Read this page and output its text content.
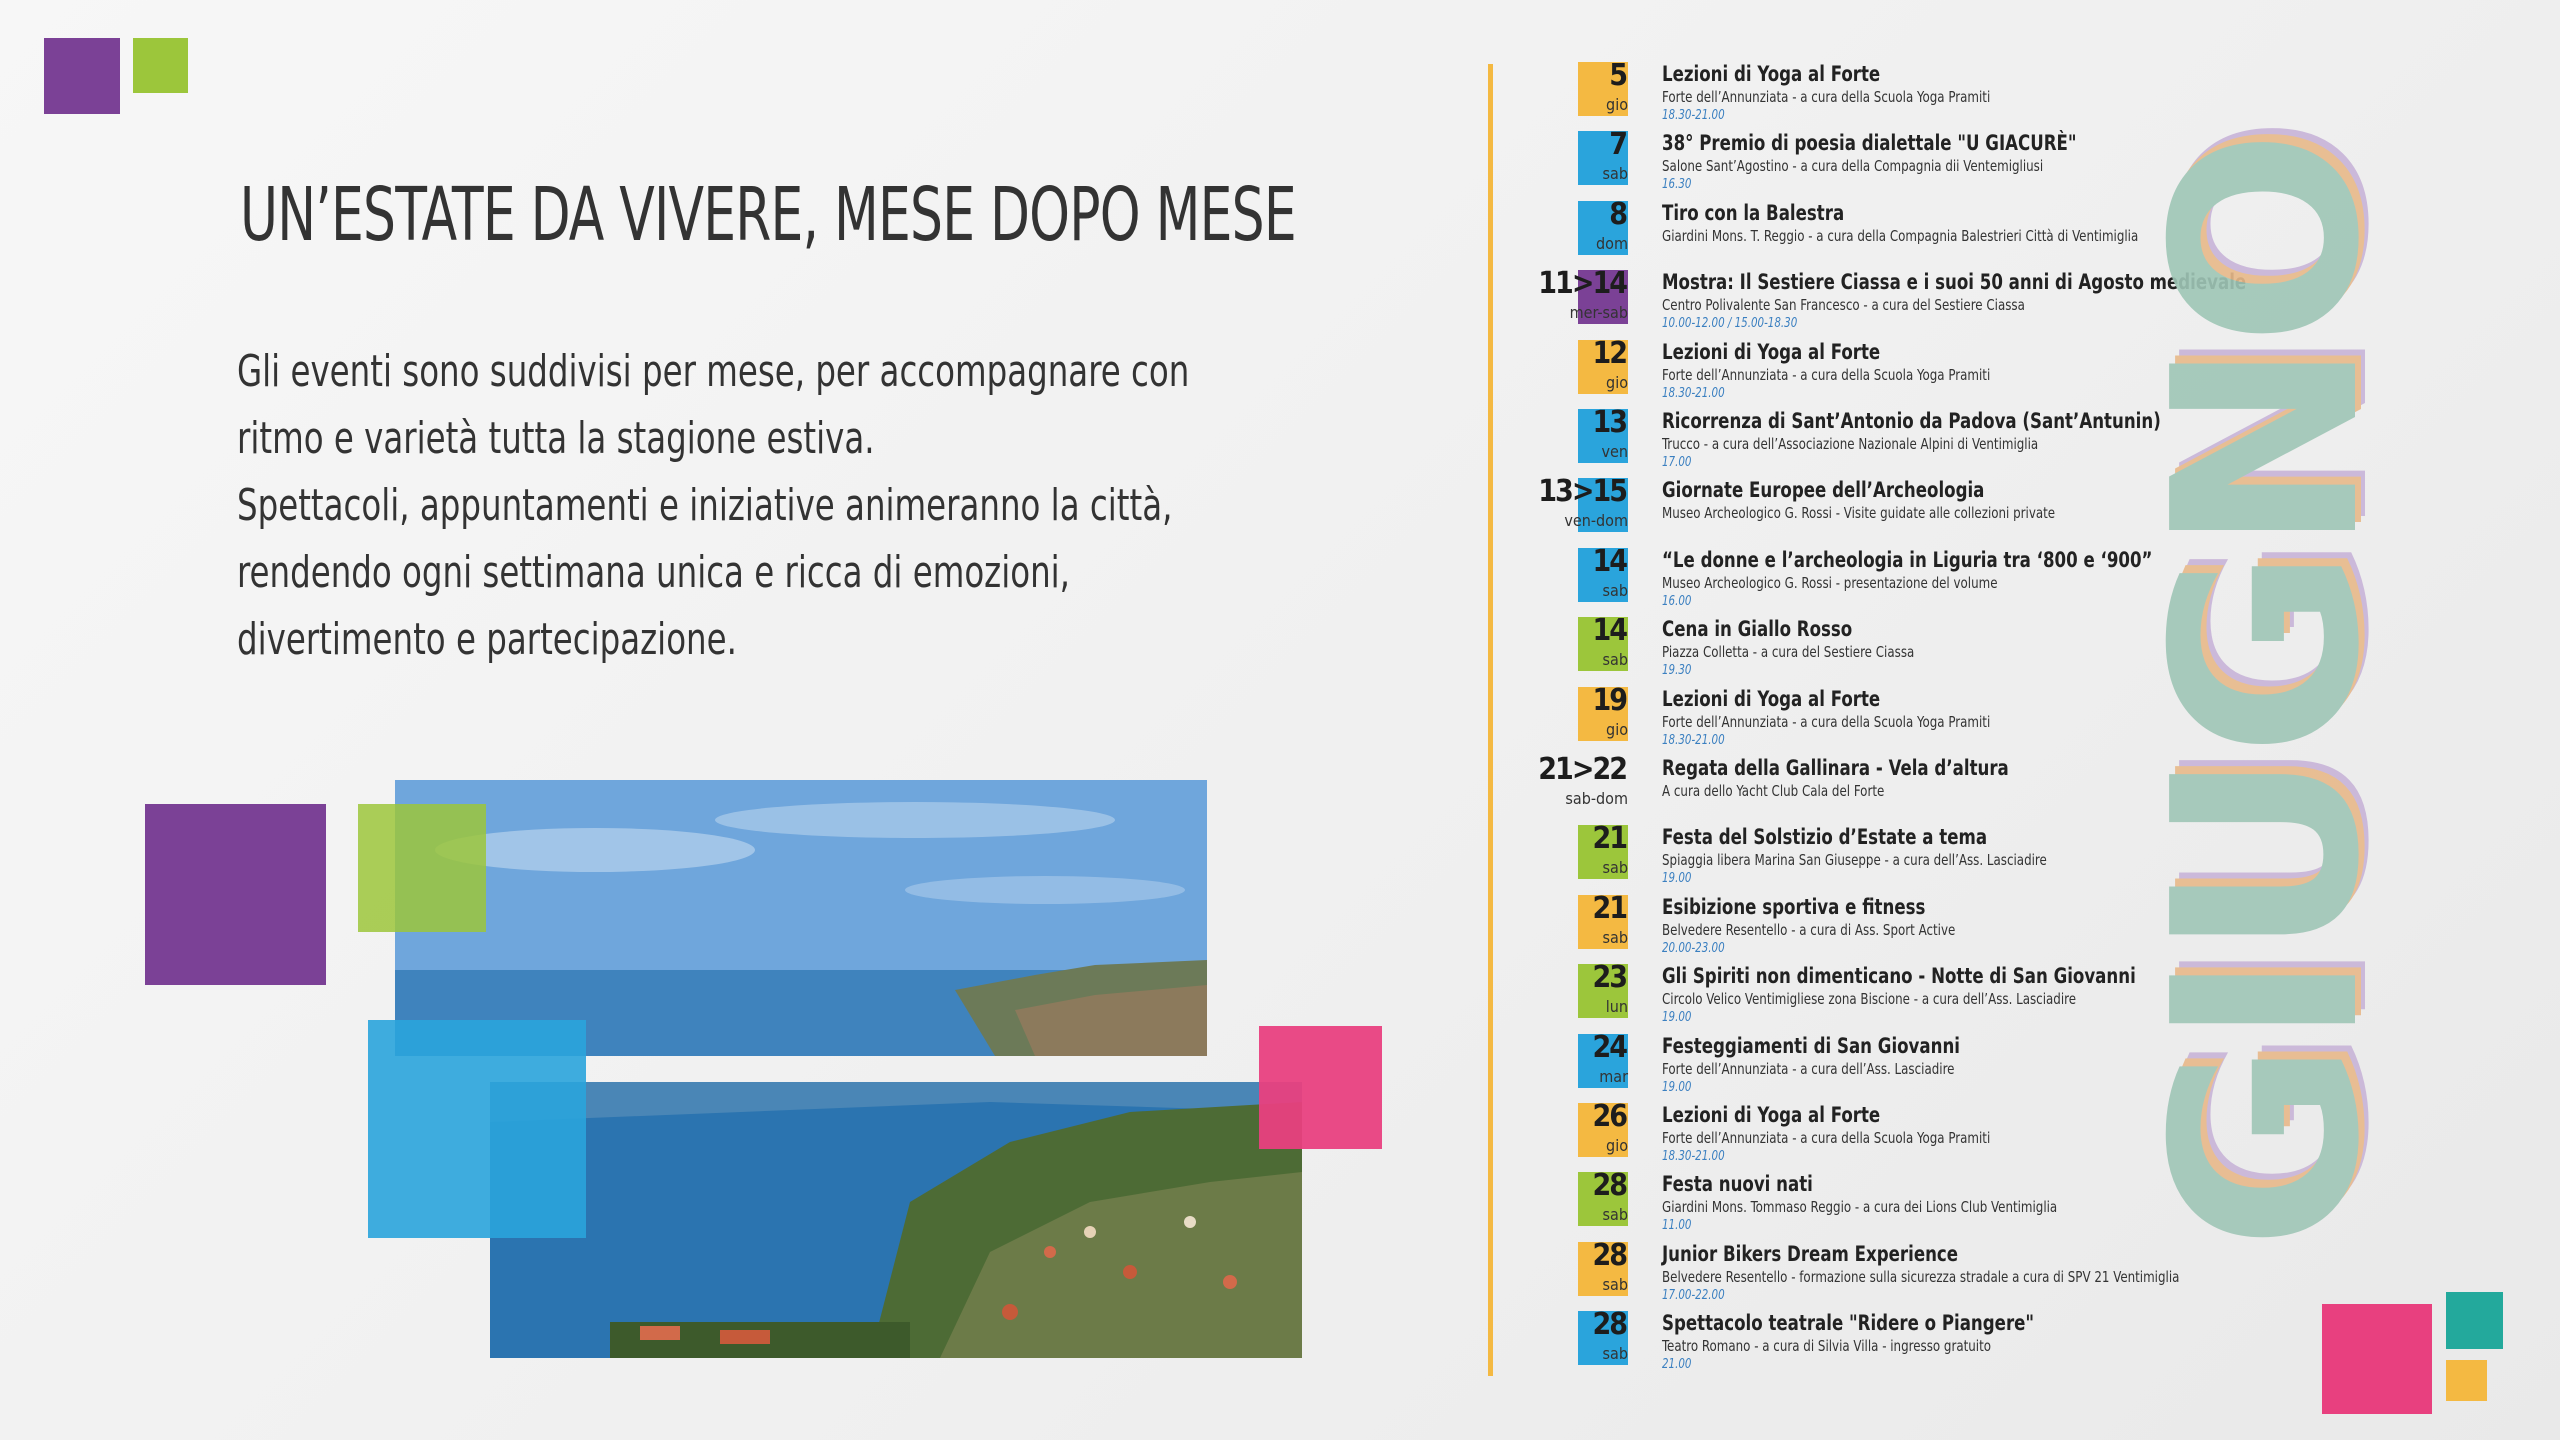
UN’ESTATE DA VIVERE, MESE DOPO MESE

Gli eventi sono suddivisi per mese, per accompagnare con

ritmo e varietà tutta la stagione estiva.

Spettacoli, appuntamenti e iniziative animeranno la città,

rendendo ogni settimana unica e ricca di emozioni,

divertimento e partecipazione.

5
gio
Lezioni di Yoga al Forte
Forte dell’Annunziata - a cura della Scuola Yoga Pramiti
18.30-21.00
7
sab
38° Premio di poesia dialettale "U GIACURÈ"
Salone Sant’Agostino - a cura della Compagnia dii Ventemigliusi
16.30
8
dom
Tiro con la Balestra
Giardini Mons. T. Reggio - a cura della Compagnia Balestrieri Città di Ventimiglia
11>14
mer-sab
Mostra: Il Sestiere Ciassa e i suoi 50 anni di Agosto medievale
Centro Polivalente San Francesco - a cura del Sestiere Ciassa
10.00-12.00 / 15.00-18.30
12
gio
Lezioni di Yoga al Forte
Forte dell’Annunziata - a cura della Scuola Yoga Pramiti
18.30-21.00
13
ven
Ricorrenza di Sant’Antonio da Padova (Sant’Antunin)
Trucco - a cura dell’Associazione Nazionale Alpini di Ventimiglia
17.00
13>15
ven-dom
Giornate Europee dell’Archeologia
Museo Archeologico G. Rossi - Visite guidate alle collezioni private
14
sab
“Le donne e l’archeologia in Liguria tra ‘800 e ‘900”
Museo Archeologico G. Rossi - presentazione del volume
16.00
14
sab
Cena in Giallo Rosso
Piazza Colletta - a cura del Sestiere Ciassa
19.30
19
gio
Lezioni di Yoga al Forte
Forte dell’Annunziata - a cura della Scuola Yoga Pramiti
18.30-21.00
21>22
sab-dom
Regata della Gallinara - Vela d’altura
A cura dello Yacht Club Cala del Forte
21
sab
Festa del Solstizio d’Estate a tema
Spiaggia libera Marina San Giuseppe - a cura dell’Ass. Lasciadire
19.00
21
sab
Esibizione sportiva e fitness
Belvedere Resentello - a cura di Ass. Sport Active
20.00-23.00
23
lun
Gli Spiriti non dimenticano - Notte di San Giovanni
Circolo Velico Ventimigliese zona Biscione - a cura dell’Ass. Lasciadire
19.00
24
mar
Festeggiamenti di San Giovanni
Forte dell’Annunziata - a cura dell’Ass. Lasciadire
19.00
26
gio
Lezioni di Yoga al Forte
Forte dell’Annunziata - a cura della Scuola Yoga Pramiti
18.30-21.00
28
sab
Festa nuovi nati
Giardini Mons. Tommaso Reggio - a cura dei Lions Club Ventimiglia
11.00
28
sab
Junior Bikers Dream Experience
Belvedere Resentello - formazione sulla sicurezza stradale a cura di SPV 21 Ventimiglia
17.00-22.00
28
sab
Spettacolo teatrale "Ridere o Piangere"
Teatro Romano - a cura di Silvia Villa - ingresso gratuito
21.00
GIUGNO
